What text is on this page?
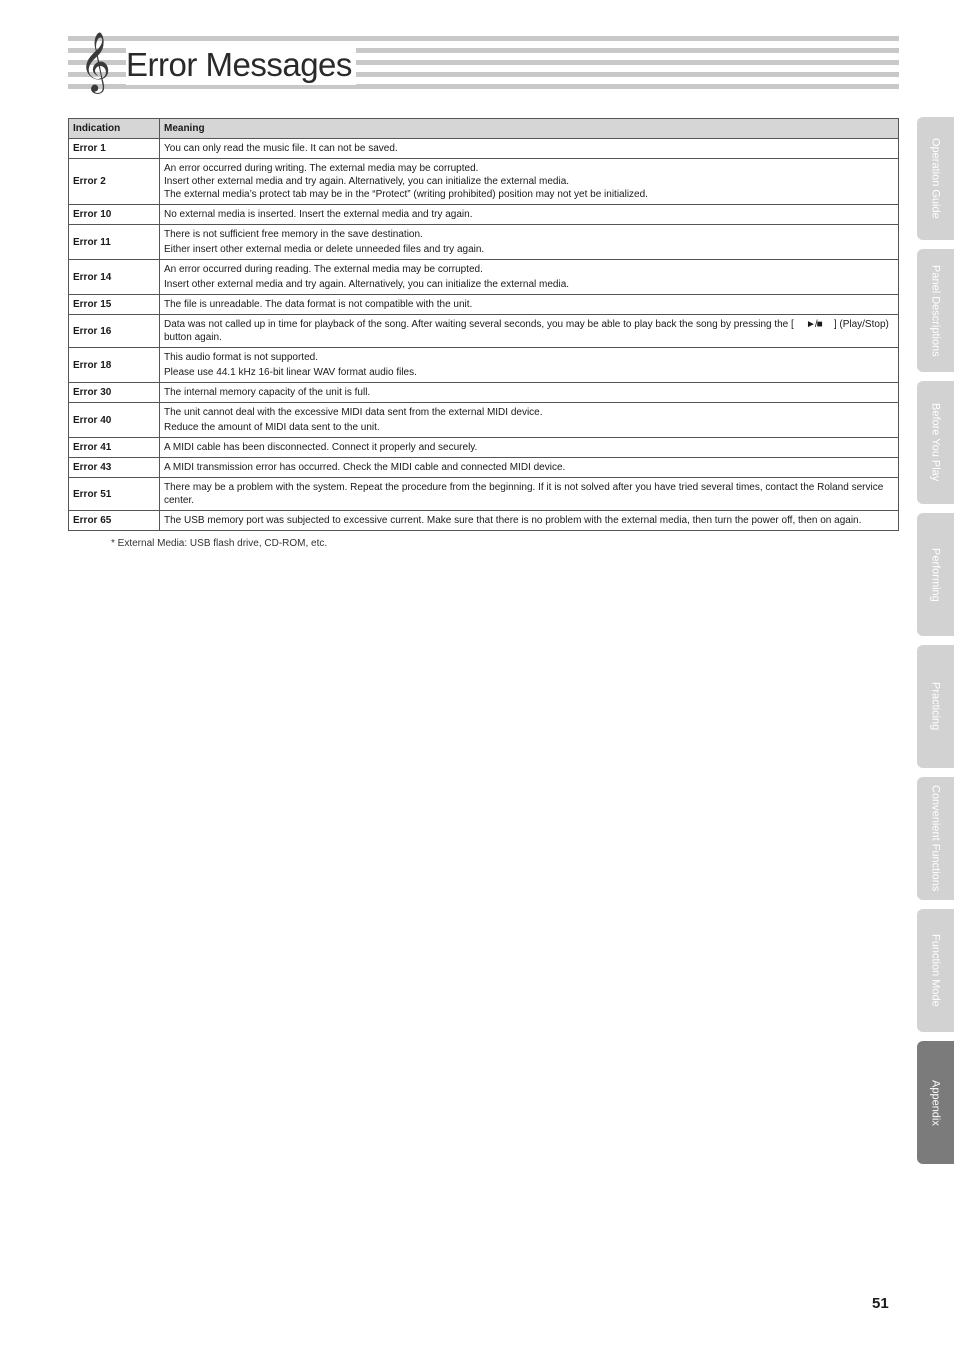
𝄞 Error Messages
Indication	Meaning
Error 1	You can only read the music file. It can not be saved.

Error 2	An error occurred during writing. The external media may be corrupted.
Insert other external media and try again. Alternatively, you can initialize the external media.
The external media’s protect tab may be in the “Protect” (writing prohibited) position may not yet be initialized.

Error 10	No external media is inserted. Insert the external media and try again.

Error 11	There is not sufficient free memory in the save destination.
Either insert other external media or delete unneeded files and try again.

Error 14	An error occurred during reading. The external media may be corrupted.
Insert other external media and try again. Alternatively, you can initialize the external media.

Error 15	The file is unreadable. The data format is not compatible with the unit.

Error 16	Data was not called up in time for playback of the song. After waiting several seconds, you may be able to play back the song by pressing the [ ►/■ ] (Play/Stop) button again.
Error 18	This audio format is not supported.
Please use 44.1 kHz 16-bit linear WAV format audio files.

Error 30	The internal memory capacity of the unit is full.

Error 40	The unit cannot deal with the excessive MIDI data sent from the external MIDI device.
Reduce the amount of MIDI data sent to the unit.

Error 41	A MIDI cable has been disconnected. Connect it properly and securely.

Error 43	A MIDI transmission error has occurred. Check the MIDI cable and connected MIDI device.

Error 51	There may be a problem with the system. Repeat the procedure from the beginning. If it is not solved after you have tried several times, contact the Roland service center.

Error 65	The USB memory port was subjected to excessive current. Make sure that there is no problem with the external media, then turn the power off, then on again.
* External Media: USB flash drive, CD-ROM, etc.
Operation Guide
Panel Descriptions
Before You Play
Performing
Practicing
Convenient Functions
Function Mode
Appendix
51
